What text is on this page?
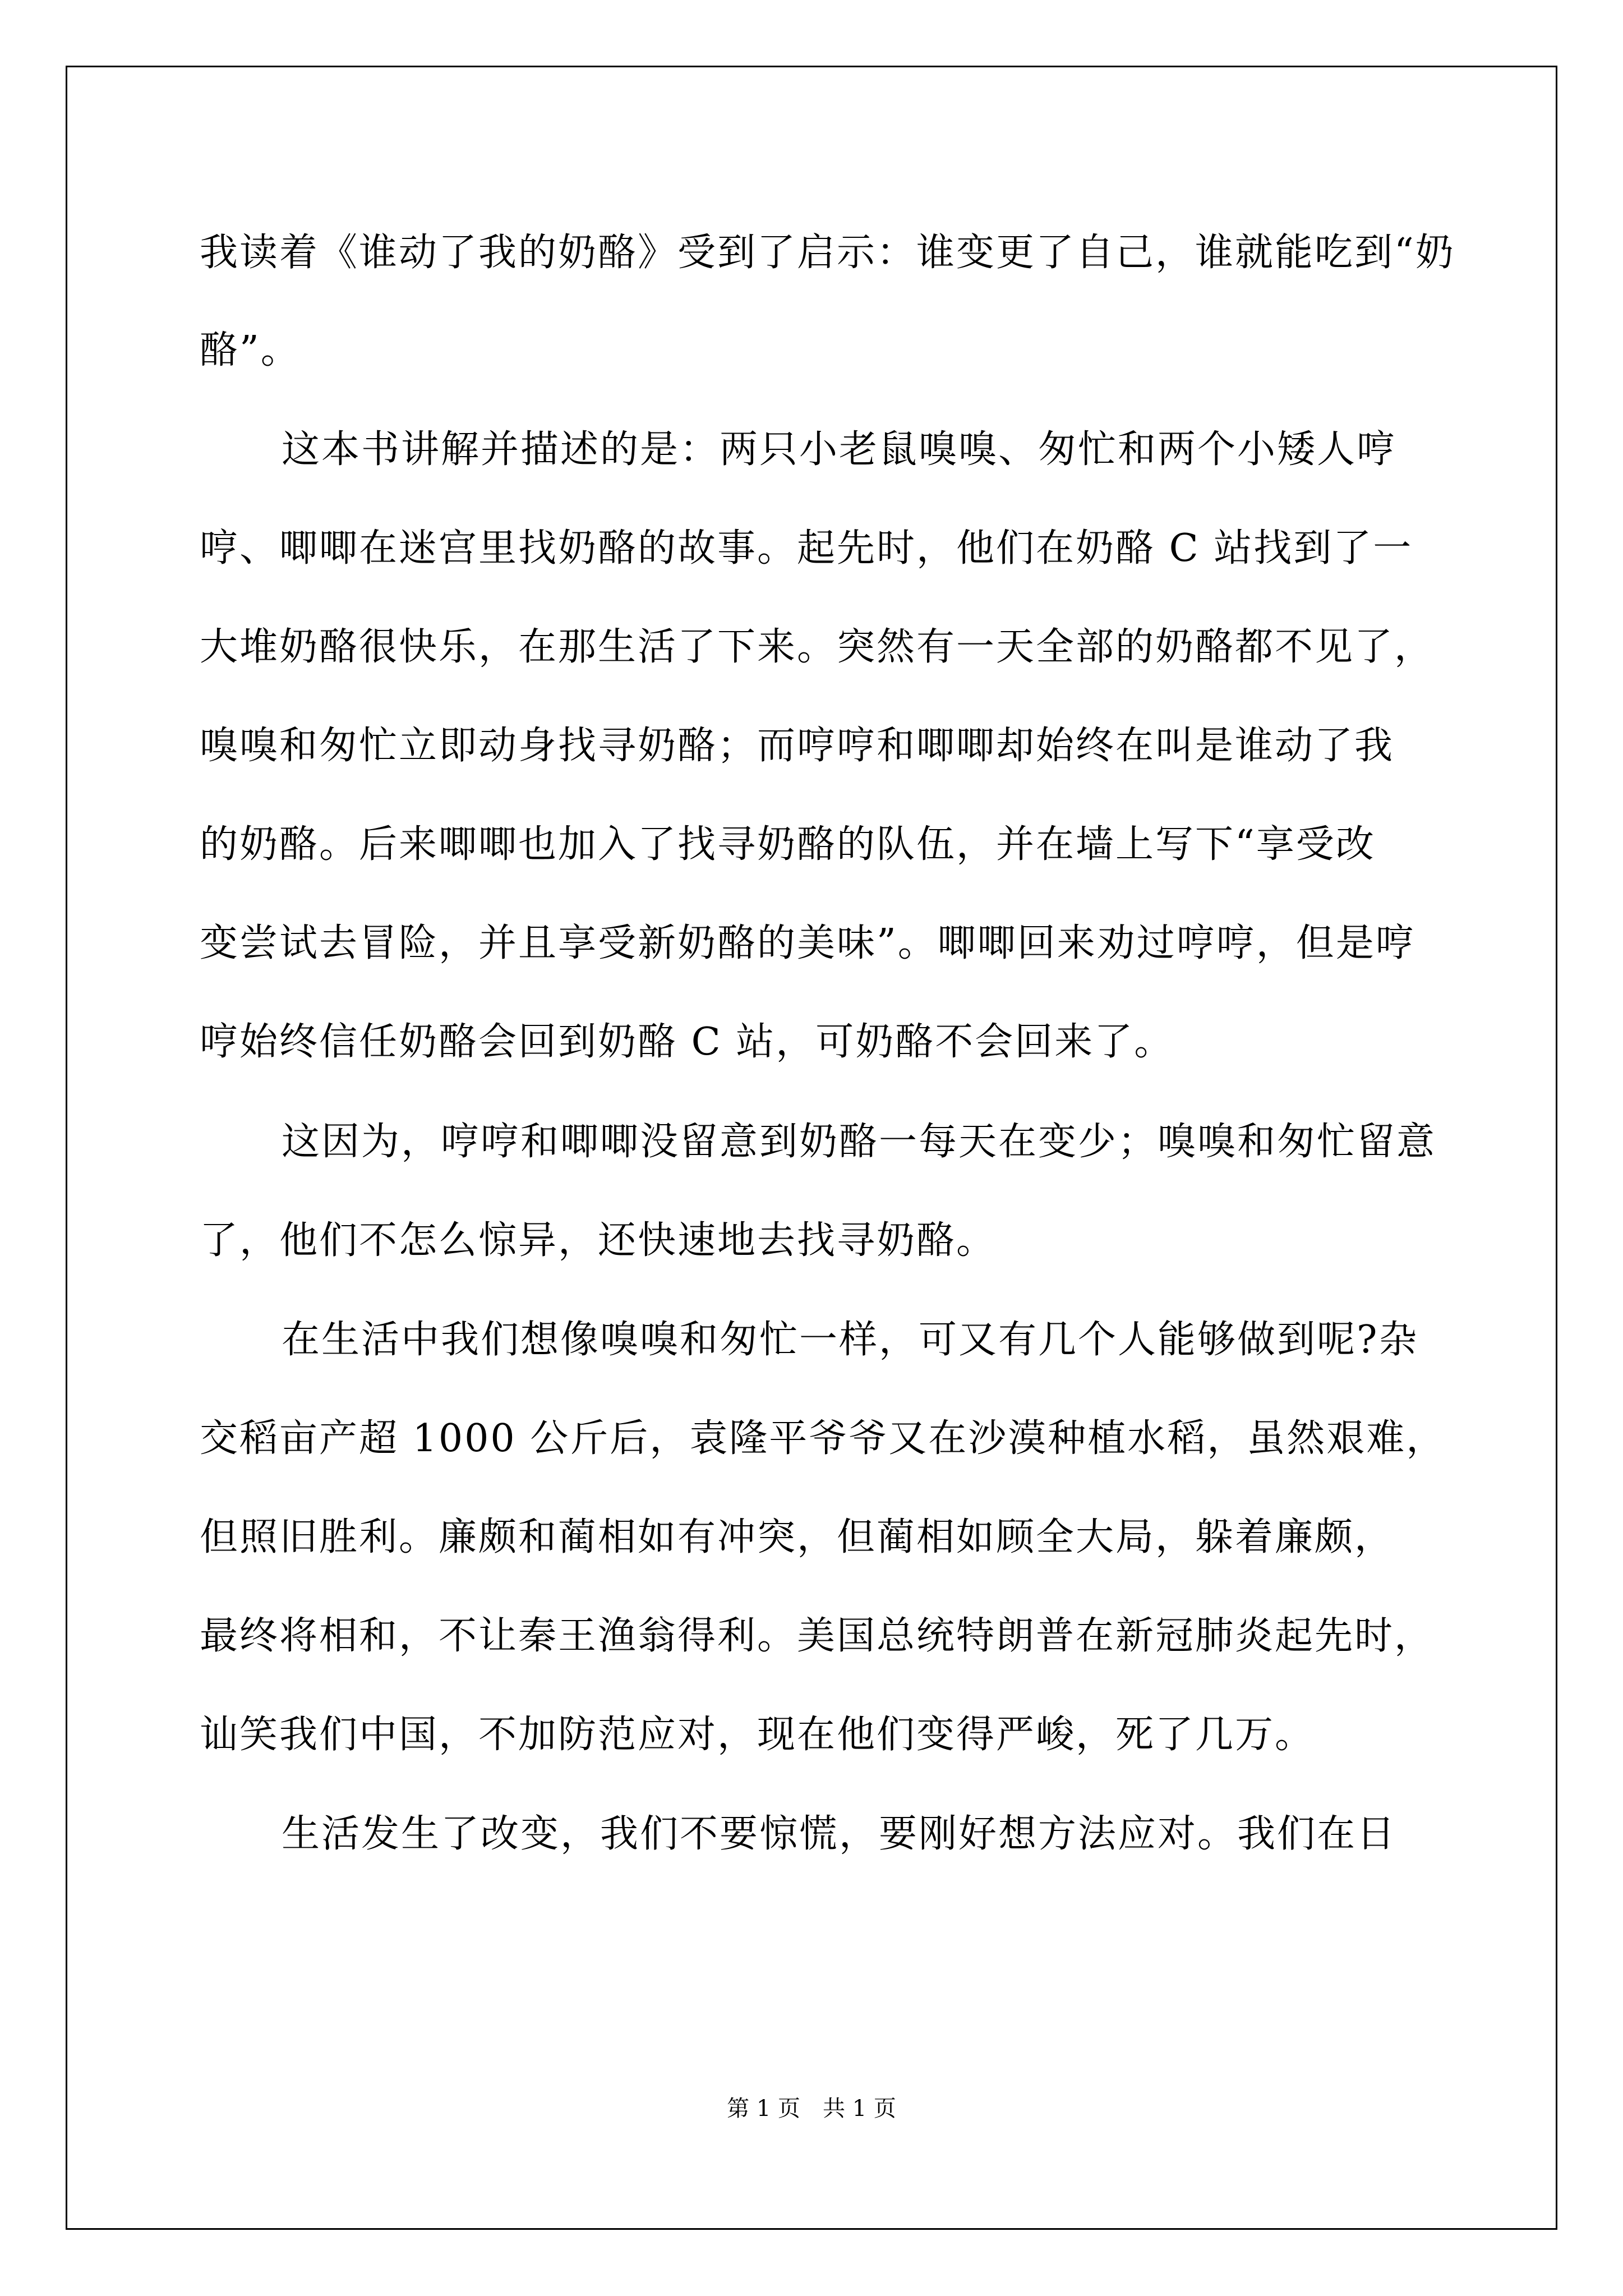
我读着《谁动了我的奶酪》受到了启示：谁变更了自己，谁就能吃到“奶
酪”。
这本书讲解并描述的是：两只小老鼠嗅嗅、匆忙和两个小矮人哼
哼、唧唧在迷宫里找奶酪的故事。起先时，他们在奶酪 C 站找到了一
大堆奶酪很快乐，在那生活了下来。突然有一天全部的奶酪都不见了，
嗅嗅和匆忙立即动身找寻奶酪；而哼哼和唧唧却始终在叫是谁动了我
的奶酪。后来唧唧也加入了找寻奶酪的队伍，并在墙上写下“享受改
变尝试去冒险，并且享受新奶酪的美味”。唧唧回来劝过哼哼，但是哼
哼始终信任奶酪会回到奶酪 C 站，可奶酪不会回来了。
这因为，哼哼和唧唧没留意到奶酪一每天在变少；嗅嗅和匆忙留意
了，他们不怎么惊异，还快速地去找寻奶酪。
在生活中我们想像嗅嗅和匆忙一样，可又有几个人能够做到呢?杂
交稻亩产超 1000 公斤后，袁隆平爷爷又在沙漠种植水稻，虽然艰难，
但照旧胜利。廉颇和蔺相如有冲突，但蔺相如顾全大局，躲着廉颇，
最终将相和，不让秦王渔翁得利。美国总统特朗普在新冠肺炎起先时，
讪笑我们中国，不加防范应对，现在他们变得严峻，死了几万。
生活发生了改变，我们不要惊慌，要刚好想方法应对。我们在日
第 1 页　共 1 页
